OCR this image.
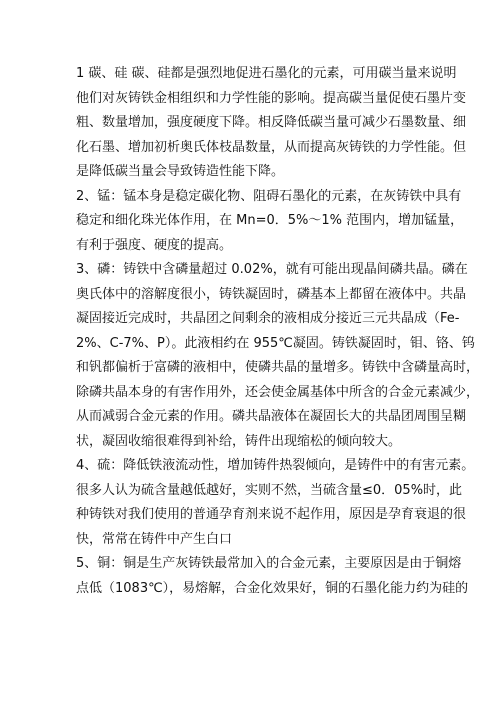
1 碳、硅 碳、硅都是强烈地促进石墨化的元素，可用碳当量来说明
他们对灰铸铁金相组织和力学性能的影响。提高碳当量促使石墨片变
粗、数量增加，强度硬度下降。相反降低碳当量可减少石墨数量、细
化石墨、增加初析奥氏体枝晶数量，从而提高灰铸铁的力学性能。但
是降低碳当量会导致铸造性能下降。
2、锰：锰本身是稳定碳化物、阻碍石墨化的元素，在灰铸铁中具有
稳定和细化珠光体作用，在 Mn=0．5%～1% 范围内，增加锰量，
有利于强度、硬度的提高。
3、磷：铸铁中含磷量超过 0.02%，就有可能出现晶间磷共晶。磷在
奥氏体中的溶解度很小，铸铁凝固时，磷基本上都留在液体中。共晶
凝固接近完成时，共晶团之间剩余的液相成分接近三元共晶成（Fe-
2%、C-7%、P）。此液相约在 955℃凝固。铸铁凝固时，钼、铬、钨
和钒都偏析于富磷的液相中，使磷共晶的量增多。铸铁中含磷量高时，
除磷共晶本身的有害作用外，还会使金属基体中所含的合金元素减少，
从而减弱合金元素的作用。磷共晶液体在凝固长大的共晶团周围呈糊
状，凝固收缩很难得到补给，铸件出现缩松的倾向较大。
4、硫：降低铁液流动性，增加铸件热裂倾向，是铸件中的有害元素。
很多人认为硫含量越低越好，实则不然，当硫含量≤0．05%时，此
种铸铁对我们使用的普通孕育剂来说不起作用，原因是孕育衰退的很
快，常常在铸件中产生白口
5、铜：铜是生产灰铸铁最常加入的合金元素，主要原因是由于铜熔
点低（1083℃），易熔解，合金化效果好，铜的石墨化能力约为硅的
